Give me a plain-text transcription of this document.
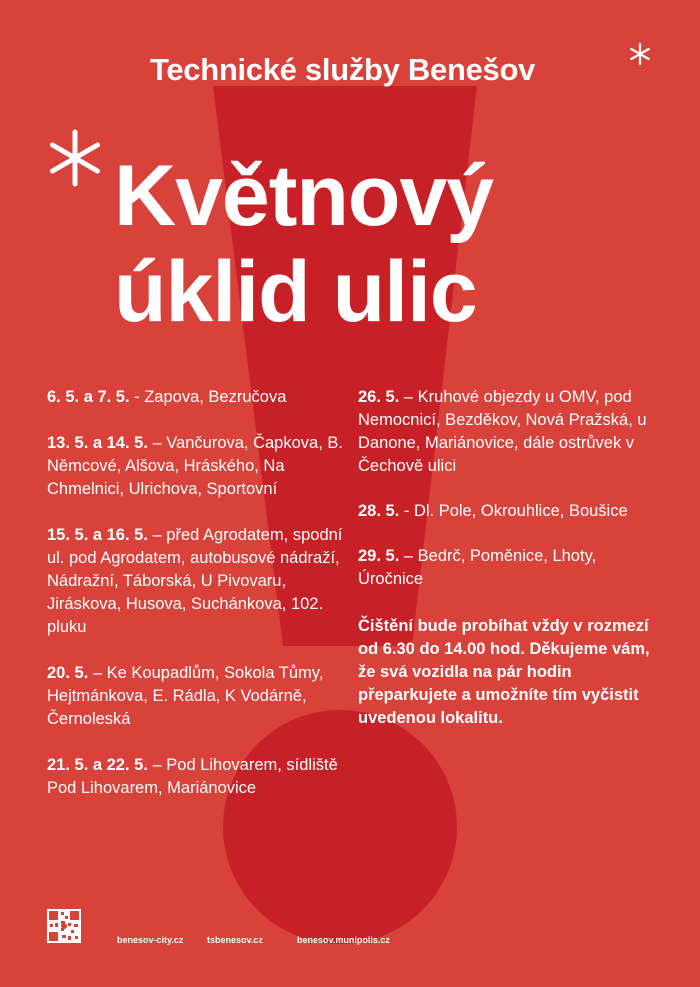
Technické služby Benešov
Květnový
úklid ulic
6. 5. a 7. 5. - Zapova, Bezručova
13. 5. a 14. 5. – Vančurova, Čapkova, B. Němcové, Alšova, Hráského, Na Chmelnici, Ulrichova, Sportovní
15. 5. a 16. 5. – před Agrodatem, spodní ul. pod Agrodatem, autobusové nádraží, Nádražní, Táborská, U Pivovaru, Jiráskova, Husova, Suchánkova, 102. pluku
20. 5. – Ke Koupadlům, Sokola Tůmy, Hejtmánkova, E. Rádla, K Vodárně, Černoleská
21. 5. a 22. 5. – Pod Lihovarem, sídliště Pod Lihovarem, Mariánovice
26. 5. – Kruhové objezdy u OMV, pod Nemocnicí, Bezděkov, Nová Pražská, u Danone, Mariánovice, dále ostrůvek v Čechově ulici
28. 5. - Dl. Pole, Okrouhlice, Boušice
29. 5. – Bedrč, Poměnice, Lhoty, Úročnice
Čištění bude probíhat vždy v rozmezí od 6.30 do 14.00 hod. Děkujeme vám, že svá vozidla na pár hodin přeparkujete a umožníte tím vyčistit uvedenou lokalitu.
benesov-city.cz	tsbenesov.cz	benesov.munipolis.cz
